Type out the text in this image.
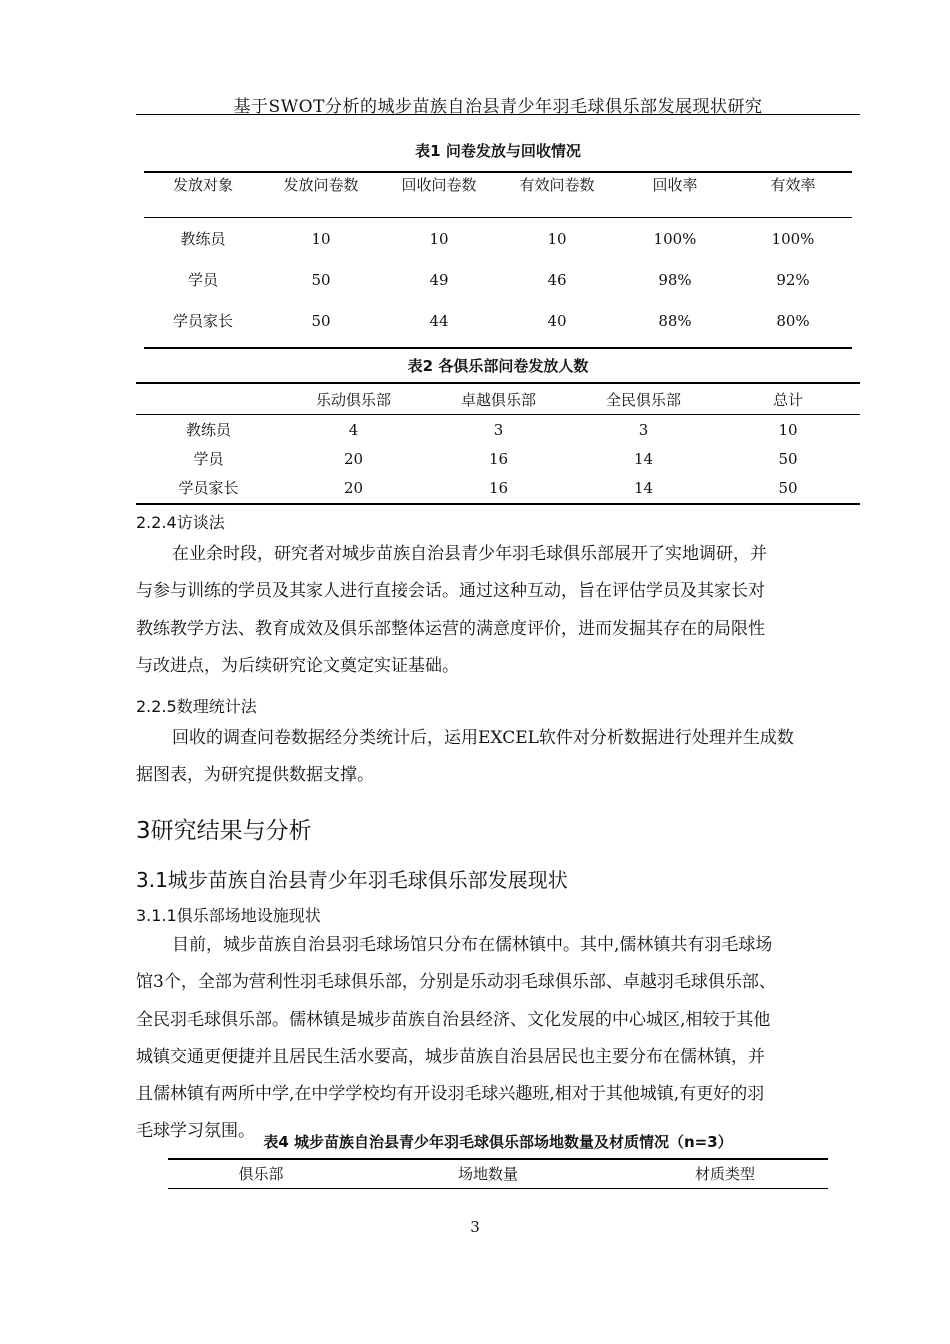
基于SWOT分析的城步苗族自治县青少年羽毛球俱乐部发展现状研究
表1 问卷发放与回收情况
发放对象	发放问卷数	回收问卷数	有效问卷数	回收率	有效率
教练员	10	10	10	100%	100%
学员	50	49	46	98%	92%
学员家长	50	44	40	88%	80%
表2 各俱乐部问卷发放人数
	乐动俱乐部	卓越俱乐部	全民俱乐部	总计
教练员	4	3	3	10
学员	20	16	14	50
学员家长	20	16	14	50
2.2.4访谈法
在业余时段，研究者对城步苗族自治县青少年羽毛球俱乐部展开了实地调研，并
与参与训练的学员及其家人进行直接会话。通过这种互动，旨在评估学员及其家长对
教练教学方法、教育成效及俱乐部整体运营的满意度评价，进而发掘其存在的局限性
与改进点，为后续研究论文奠定实证基础。
2.2.5数理统计法
回收的调查问卷数据经分类统计后，运用EXCEL软件对分析数据进行处理并生成数
据图表，为研究提供数据支撑。
3研究结果与分析
3.1城步苗族自治县青少年羽毛球俱乐部发展现状
3.1.1俱乐部场地设施现状
目前，城步苗族自治县羽毛球场馆只分布在儒林镇中。其中,儒林镇共有羽毛球场
馆3个，全部为营利性羽毛球俱乐部，分别是乐动羽毛球俱乐部、卓越羽毛球俱乐部、
全民羽毛球俱乐部。儒林镇是城步苗族自治县经济、文化发展的中心城区,相较于其他
城镇交通更便捷并且居民生活水要高，城步苗族自治县居民也主要分布在儒林镇，并
且儒林镇有两所中学,在中学学校均有开设羽毛球兴趣班,相对于其他城镇,有更好的羽
毛球学习氛围。
表4 城步苗族自治县青少年羽毛球俱乐部场地数量及材质情况（n=3）
俱乐部	场地数量	材质类型
3
